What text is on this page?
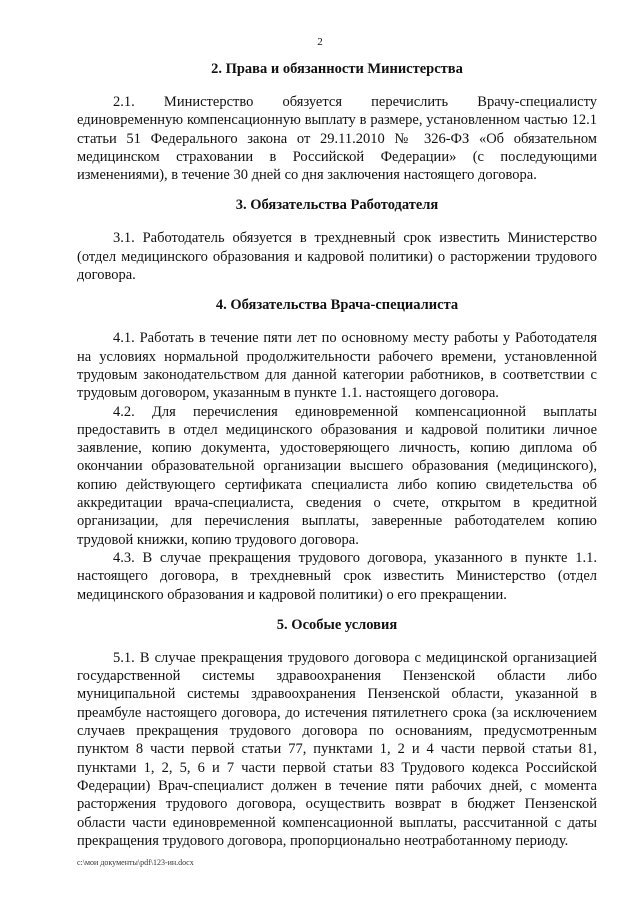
2
2. Права и обязанности Министерства

2.1. Министерство обязуется перечислить Врачу-специалисту единовременную компенсационную выплату в размере, установленном частью 12.1 статьи 51 Федерального закона от 29.11.2010 № 326-ФЗ «Об обязательном медицинском страховании в Российской Федерации» (с последующими изменениями), в течение 30 дней со дня заключения настоящего договора.

3. Обязательства Работодателя

3.1. Работодатель обязуется в трехдневный срок известить Министерство (отдел медицинского образования и кадровой политики) о расторжении трудового договора.

4. Обязательства Врача-специалиста

4.1. Работать в течение пяти лет по основному месту работы у Работодателя на условиях нормальной продолжительности рабочего времени, установленной трудовым законодательством для данной категории работников, в соответствии с трудовым договором, указанным в пункте 1.1. настоящего договора.

4.2. Для перечисления единовременной компенсационной выплаты предоставить в отдел медицинского образования и кадровой политики личное заявление, копию документа, удостоверяющего личность, копию диплома об окончании образовательной организации высшего образования (медицинского), копию действующего сертификата специалиста либо копию свидетельства об аккредитации врача-специалиста, сведения о счете, открытом в кредитной организации, для перечисления выплаты, заверенные работодателем копию трудовой книжки, копию трудового договора.

4.3. В случае прекращения трудового договора, указанного в пункте 1.1. настоящего договора, в трехдневный срок известить Министерство (отдел медицинского образования и кадровой политики) о его прекращении.

5. Особые условия

5.1. В случае прекращения трудового договора с медицинской организацией государственной системы здравоохранения Пензенской области либо муниципальной системы здравоохранения Пензенской области, указанной в преамбуле настоящего договора, до истечения пятилетнего срока (за исключением случаев прекращения трудового договора по основаниям, предусмотренным пунктом 8 части первой статьи 77, пунктами 1, 2 и 4 части первой статьи 81, пунктами 1, 2, 5, 6 и 7 части первой статьи 83 Трудового кодекса Российской Федерации) Врач-специалист должен в течение пяти рабочих дней, с момента расторжения трудового договора, осуществить возврат в бюджет Пензенской области части единовременной компенсационной выплаты, рассчитанной с даты прекращения трудового договора, пропорционально неотработанному периоду.

c:\мои документы\pdf\123-ин.docx
